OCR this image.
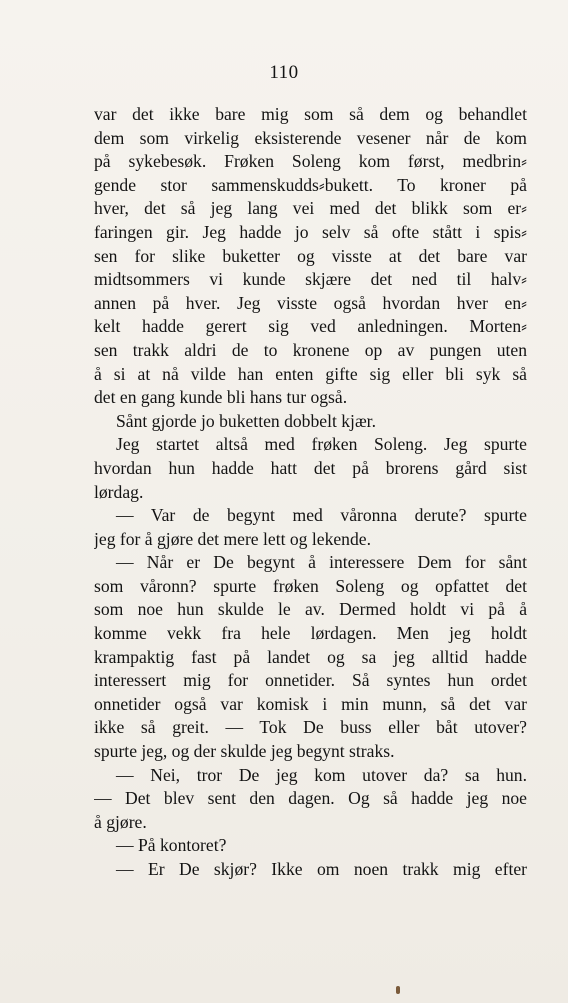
110
var det ikke bare mig som så dem og behandlet
dem som virkelig eksisterende vesener når de kom
på sykebesøk. Frøken Soleng kom først, medbrin⸗
gende stor sammenskudds⸗bukett. To kroner på
hver, det så jeg lang vei med det blikk som er⸗
faringen gir. Jeg hadde jo selv så ofte stått i spis⸗
sen for slike buketter og visste at det bare var
midtsommers vi kunde skjære det ned til halv⸗
annen på hver. Jeg visste også hvordan hver en⸗
kelt hadde gerert sig ved anledningen. Morten⸗
sen trakk aldri de to kronene op av pungen uten
å si at nå vilde han enten gifte sig eller bli syk så
det en gang kunde bli hans tur også.
Sånt gjorde jo buketten dobbelt kjær.
Jeg startet altså med frøken Soleng. Jeg spurte
hvordan hun hadde hatt det på brorens gård sist
lørdag.
— Var de begynt med våronna derute? spurte
jeg for å gjøre det mere lett og lekende.
— Når er De begynt å interessere Dem for sånt
som våronn? spurte frøken Soleng og opfattet det
som noe hun skulde le av. Dermed holdt vi på å
komme vekk fra hele lørdagen. Men jeg holdt
krampaktig fast på landet og sa jeg alltid hadde
interessert mig for onnetider. Så syntes hun ordet
onnetider også var komisk i min munn, så det var
ikke så greit. — Tok De buss eller båt utover?
spurte jeg, og der skulde jeg begynt straks.
— Nei, tror De jeg kom utover da? sa hun.
— Det blev sent den dagen. Og så hadde jeg noe
å gjøre.
— På kontoret?
— Er De skjør? Ikke om noen trakk mig efter
